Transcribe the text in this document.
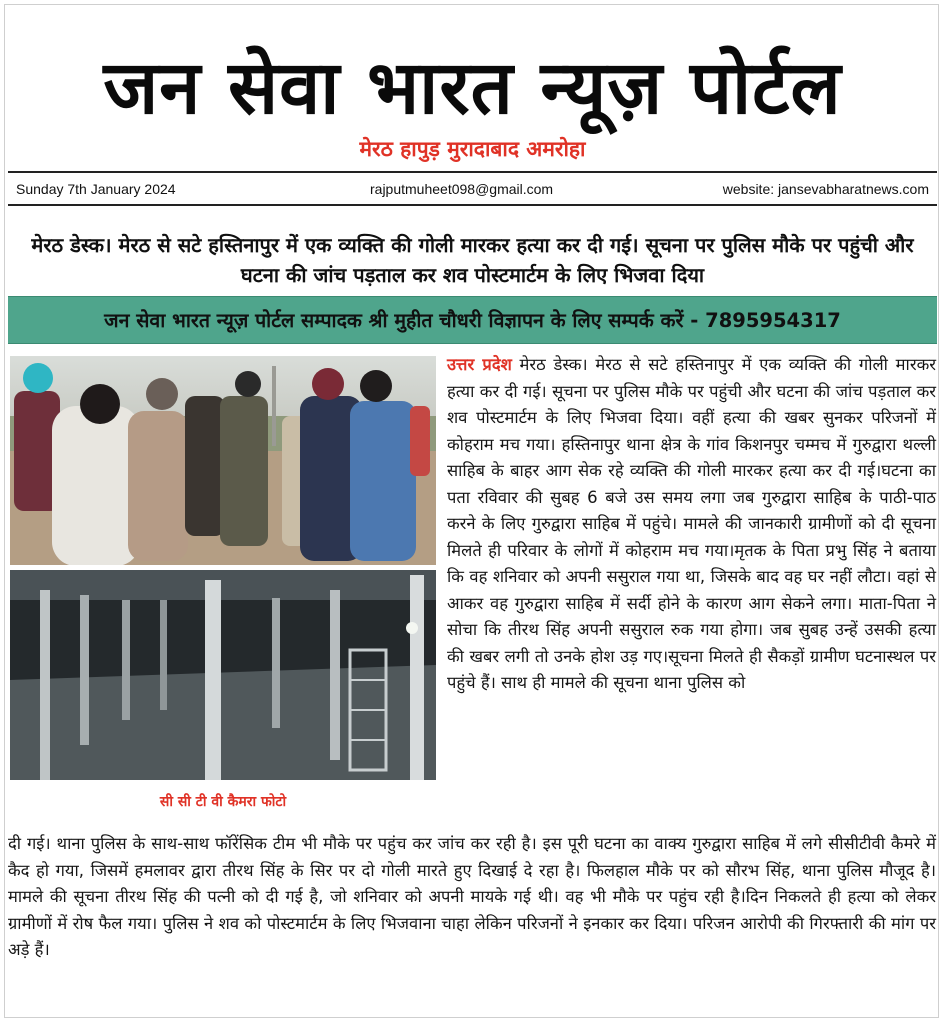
जन सेवा भारत न्यूज़ पोर्टल
मेरठ हापुड़ मुरादाबाद अमरोहा
Sunday 7th January 2024	rajputmuheet098@gmail.com	website: jansevabharatnews.com
मेरठ डेस्क। मेरठ से सटे हस्तिनापुर में एक व्यक्ति की गोली मारकर हत्या कर दी गई। सूचना पर पुलिस मौके पर पहुंची और घटना की जांच पड़ताल कर शव पोस्टमार्टम के लिए भिजवा दिया
जन सेवा भारत न्यूज़ पोर्टल सम्पादक श्री मुहीत चौधरी विज्ञापन के लिए सम्पर्क करें - 7895954317
सी सी टी वी कैमरा फोटो
उत्तर प्रदेश मेरठ डेस्क। मेरठ से सटे हस्तिनापुर में एक व्यक्ति की गोली मारकर हत्या कर दी गई। सूचना पर पुलिस मौके पर पहुंची और घटना की जांच पड़ताल कर शव पोस्टमार्टम के लिए भिजवा दिया। वहीं हत्या की खबर सुनकर परिजनों में कोहराम मच गया। हस्तिनापुर थाना क्षेत्र के गांव किशनपुर चम्मच में गुरुद्वारा थल्ली साहिब के बाहर आग सेक रहे व्यक्ति की गोली मारकर हत्या कर दी गई।घटना का पता रविवार की सुबह 6 बजे उस समय लगा जब गुरुद्वारा साहिब के पाठी-पाठ करने के लिए गुरुद्वारा साहिब में पहुंचे। मामले की जानकारी ग्रामीणों को दी सूचना मिलते ही परिवार के लोगों में कोहराम मच गया।मृतक के पिता प्रभु सिंह ने बताया कि वह शनिवार को अपनी ससुराल गया था, जिसके बाद वह घर नहीं लौटा। वहां से आकर वह गुरुद्वारा साहिब में सर्दी होने के कारण आग सेकने लगा। माता-पिता ने सोचा कि तीरथ सिंह अपनी ससुराल रुक गया होगा। जब सुबह उन्हें उसकी हत्या की खबर लगी तो उनके होश उड़ गए।सूचना मिलते ही सैकड़ों ग्रामीण घटनास्थल पर पहुंचे हैं। साथ ही मामले की सूचना थाना पुलिस को
दी गई। थाना पुलिस के साथ-साथ फॉरेंसिक टीम भी मौके पर पहुंच कर जांच कर रही है। इस पूरी घटना का वाक्य गुरुद्वारा साहिब में लगे सीसीटीवी कैमरे में कैद हो गया, जिसमें हमलावर द्वारा तीरथ सिंह के सिर पर दो गोली मारते हुए दिखाई दे रहा है। फिलहाल मौके पर को सौरभ सिंह, थाना पुलिस मौजूद है। मामले की सूचना तीरथ सिंह की पत्नी को दी गई है, जो शनिवार को अपनी मायके गई थी। वह भी मौके पर पहुंच रही है।दिन निकलते ही हत्या को लेकर ग्रामीणों में रोष फैल गया। पुलिस ने शव को पोस्टमार्टम के लिए भिजवाना चाहा लेकिन परिजनों ने इनकार कर दिया। परिजन आरोपी की गिरफ्तारी की मांग पर अड़े हैं।
